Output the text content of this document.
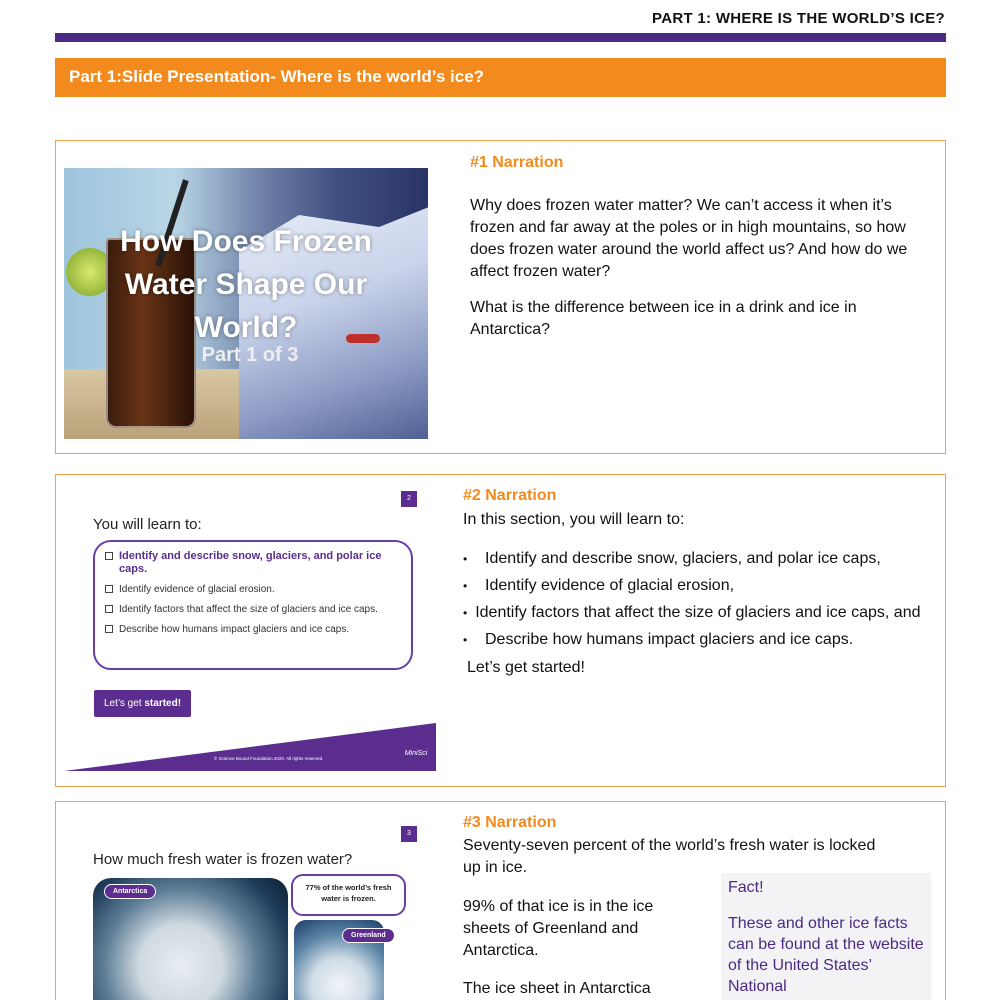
PART 1: WHERE IS THE WORLD’S ICE?
Part 1:Slide Presentation- Where is the world’s ice?
How Does Frozen
Water Shape Our
World?
Part 1 of 3
#1 Narration

Why does frozen water matter? We can’t access it when it’s frozen and far away at the poles or in high mountains, so how does frozen water around the world affect us? And how do we affect frozen water?

What is the difference between ice in a drink and ice in Antarctica?

2
You will learn to:
Identify and describe snow, glaciers, and polar ice caps.
Identify evidence of glacial erosion.
Identify factors that affect the size of glaciers and ice caps.
Describe how humans impact glaciers and ice caps.
Let’s get started!
© Science Bound Foundation 2020. All rights reserved.
MiniSci
#2 Narration
In this section, you will learn to:
• Identify and describe snow, glaciers, and polar ice caps,
• Identify evidence of glacial erosion,
• Identify factors that affect the size of glaciers and ice caps, and
• Describe how humans impact glaciers and ice caps.
Let’s get started!
3
How much fresh water is frozen water?
Antarctica
Greenland
77% of the world’s fresh water is frozen.
#3 Narration

Seventy-seven percent of the world’s fresh water is locked up in ice.

99% of that ice is in the ice sheets of Greenland and Antarctica.

The ice sheet in Antarctica

Fact!
These and other ice facts can be found at the website of the United States’ National
